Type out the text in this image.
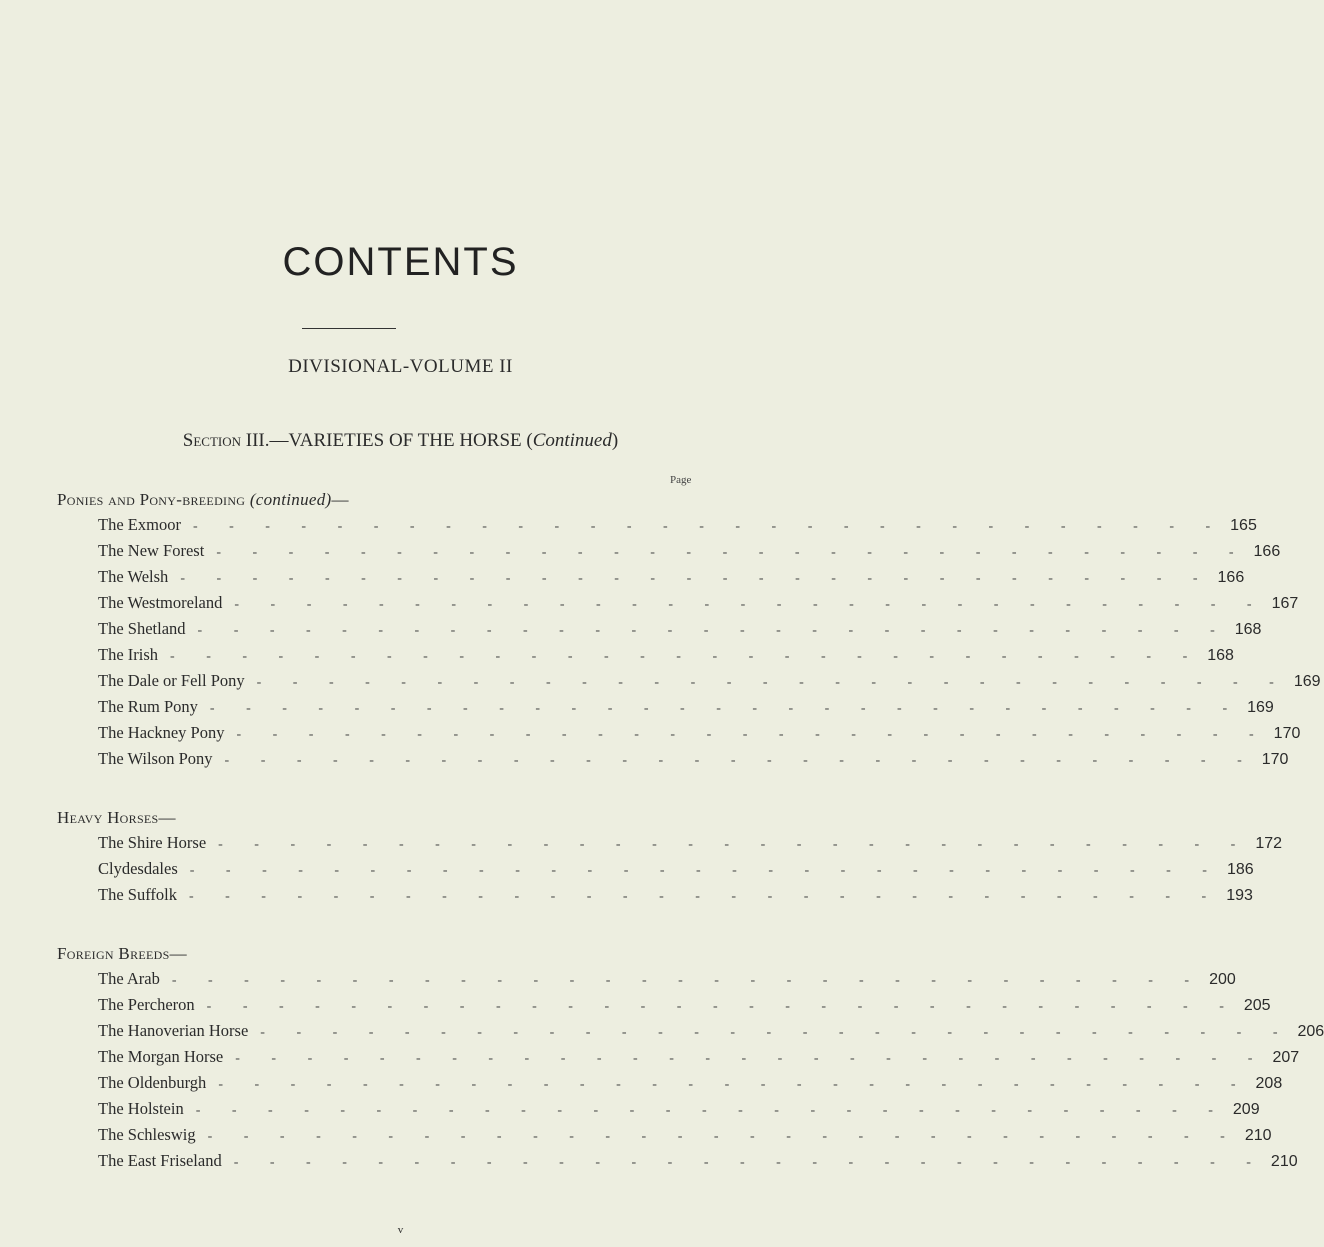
CONTENTS
DIVISIONAL-VOLUME II
Section III.—VARIETIES OF THE HORSE (Continued)
Page
Ponies and Pony-breeding (continued)—
The Exmoor - - - - - - - - - - - - - - - - - - - - - - - - - - - - - 165
The New Forest - - - - - - - - - - - - - - - - - - - - - - - - - - - - - 166
The Welsh - - - - - - - - - - - - - - - - - - - - - - - - - - - - - 166
The Westmoreland - - - - - - - - - - - - - - - - - - - - - - - - - - - - - 167
The Shetland - - - - - - - - - - - - - - - - - - - - - - - - - - - - - 168
The Irish - - - - - - - - - - - - - - - - - - - - - - - - - - - - - 168
The Dale or Fell Pony - - - - - - - - - - - - - - - - - - - - - - - - - - - - - 169
The Rum Pony - - - - - - - - - - - - - - - - - - - - - - - - - - - - - 169
The Hackney Pony - - - - - - - - - - - - - - - - - - - - - - - - - - - - - 170
The Wilson Pony - - - - - - - - - - - - - - - - - - - - - - - - - - - - - 170
Heavy Horses—
The Shire Horse - - - - - - - - - - - - - - - - - - - - - - - - - - - - - 172
Clydesdales - - - - - - - - - - - - - - - - - - - - - - - - - - - - - 186
The Suffolk - - - - - - - - - - - - - - - - - - - - - - - - - - - - - 193
Foreign Breeds—
The Arab - - - - - - - - - - - - - - - - - - - - - - - - - - - - - 200
The Percheron - - - - - - - - - - - - - - - - - - - - - - - - - - - - - 205
The Hanoverian Horse - - - - - - - - - - - - - - - - - - - - - - - - - - - - - 206
The Morgan Horse - - - - - - - - - - - - - - - - - - - - - - - - - - - - - 207
The Oldenburgh - - - - - - - - - - - - - - - - - - - - - - - - - - - - - 208
The Holstein - - - - - - - - - - - - - - - - - - - - - - - - - - - - - 209
The Schleswig - - - - - - - - - - - - - - - - - - - - - - - - - - - - - 210
The East Friseland - - - - - - - - - - - - - - - - - - - - - - - - - - - - - 210
v
